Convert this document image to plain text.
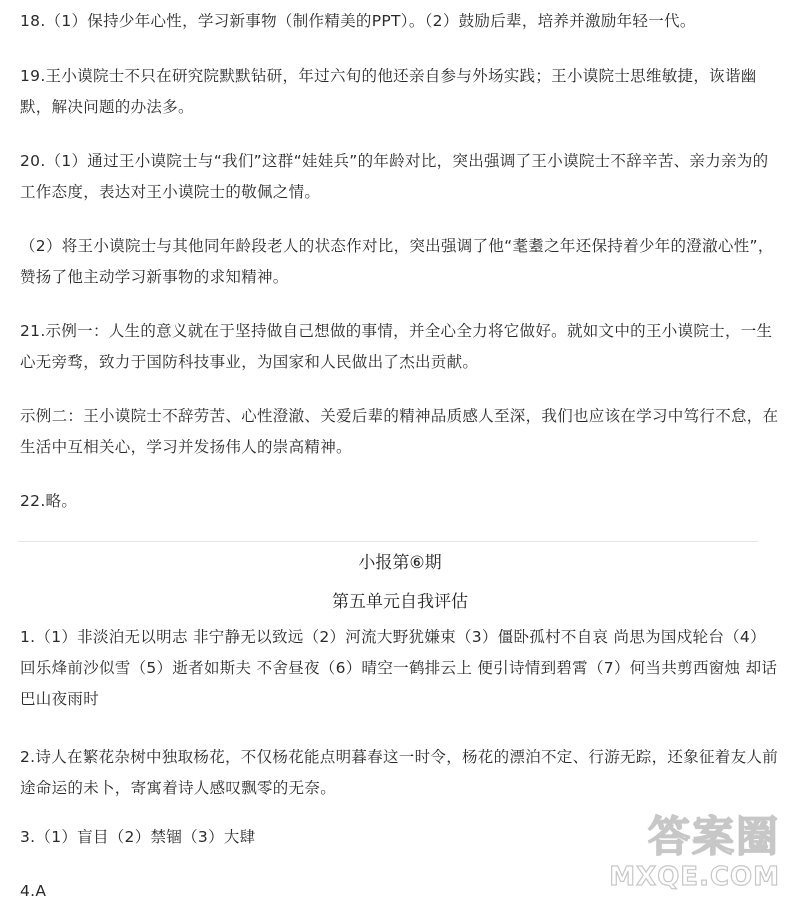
18.（1）保持少年心性，学习新事物（制作精美的PPT）。（2）鼓励后辈，培养并激励年轻一代。

19.王小谟院士不只在研究院默默钻研，年过六旬的他还亲自参与外场实践；王小谟院士思维敏捷，诙谐幽默，解决问题的办法多。

20.（1）通过王小谟院士与“我们”这群“娃娃兵”的年龄对比，突出强调了王小谟院士不辞辛苦、亲力亲为的工作态度，表达对王小谟院士的敬佩之情。

（2）将王小谟院士与其他同年龄段老人的状态作对比，突出强调了他“耄耋之年还保持着少年的澄澈心性”，赞扬了他主动学习新事物的求知精神。

21.示例一：人生的意义就在于坚持做自己想做的事情，并全心全力将它做好。就如文中的王小谟院士，一生心无旁骛，致力于国防科技事业，为国家和人民做出了杰出贡献。

示例二：王小谟院士不辞劳苦、心性澄澈、关爱后辈的精神品质感人至深，我们也应该在学习中笃行不怠，在生活中互相关心，学习并发扬伟人的崇高精神。

22.略。

小报第⑥期
第五单元自我评估

1.（1）非淡泊无以明志 非宁静无以致远（2）河流大野犹嫌束（3）僵卧孤村不自哀 尚思为国戍轮台（4）回乐烽前沙似雪（5）逝者如斯夫 不舍昼夜（6）晴空一鹤排云上 便引诗情到碧霄（7）何当共剪西窗烛 却话巴山夜雨时

2.诗人在繁花杂树中独取杨花，不仅杨花能点明暮春这一时令，杨花的漂泊不定、行游无踪，还象征着友人前途命运的未卜，寄寓着诗人感叹飘零的无奈。

3.（1）盲目（2）禁锢（3）大肆

4.A

答案圈
MXQE.COM
